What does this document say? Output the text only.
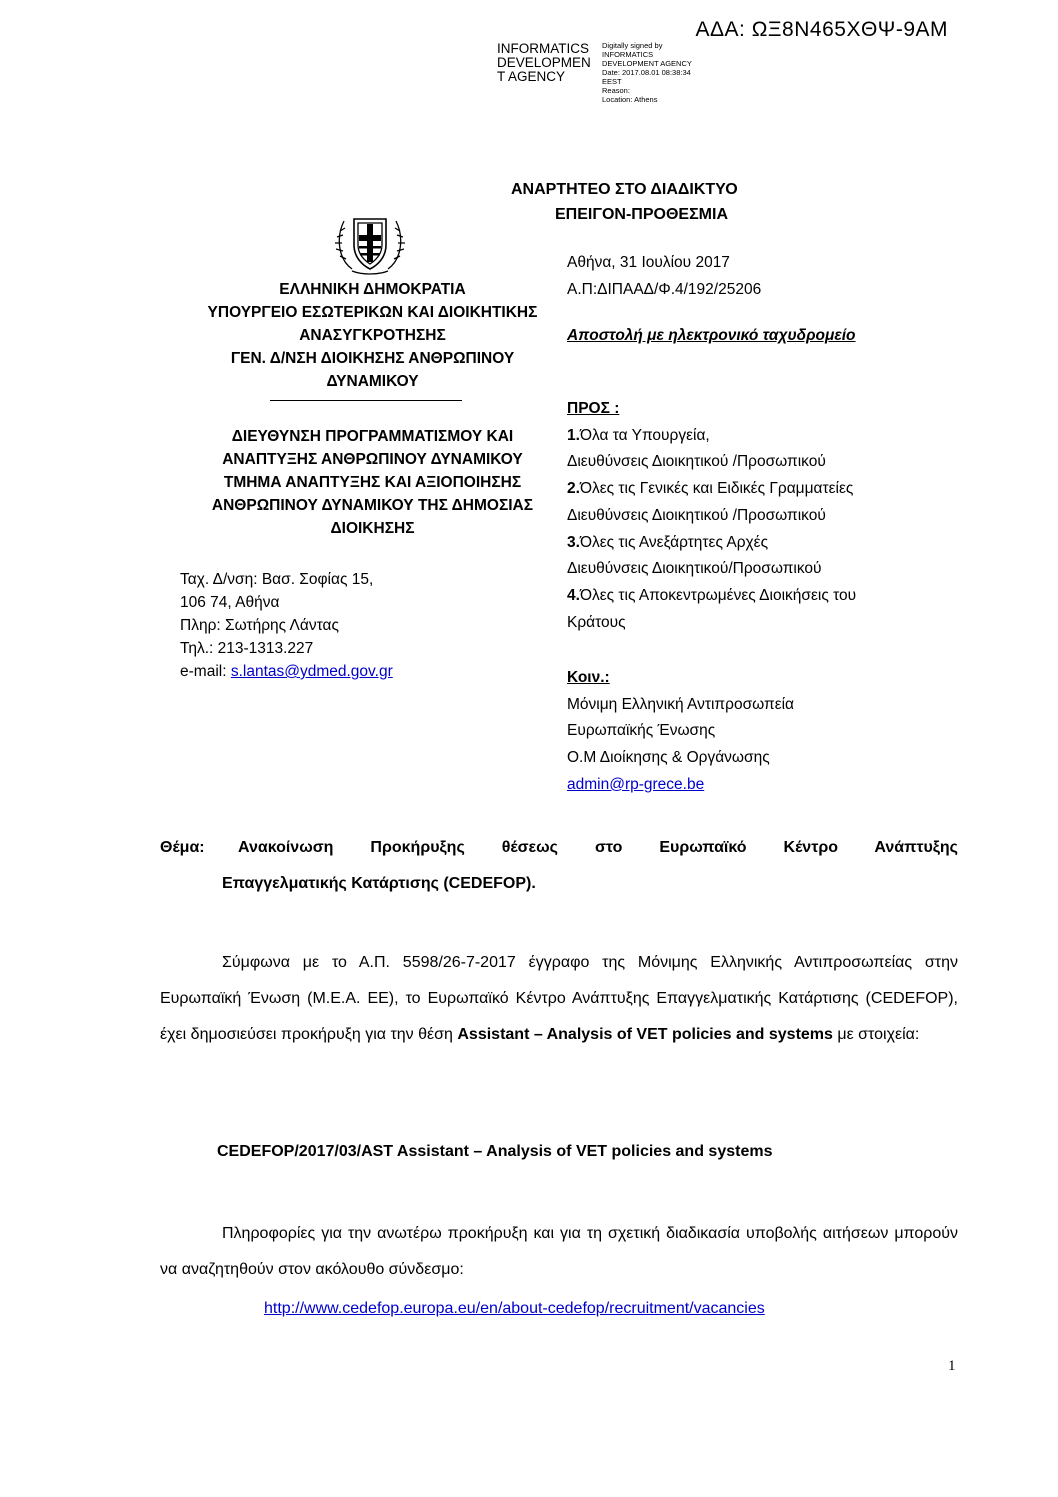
ΑΔΑ: ΩΞ8Ν465ΧΘΨ-9ΑΜ
INFORMATICS
DEVELOPMEN
T AGENCY
Digitally signed by
INFORMATICS
DEVELOPMENT AGENCY
Date: 2017.08.01 08:38:34
EEST
Reason:
Location: Athens
ΑΝΑΡΤΗΤΕΟ ΣΤΟ ΔΙΑΔΙΚΤΥΟ
ΕΠΕΙΓΟΝ-ΠΡΟΘΕΣΜΙΑ
ΕΛΛΗΝΙΚΗ ΔΗΜΟΚΡΑΤΙΑ
ΥΠΟΥΡΓΕΙΟ ΕΣΩΤΕΡΙΚΩΝ ΚΑΙ ΔΙΟΙΚΗΤΙΚΗΣ
ΑΝΑΣΥΓΚΡΟΤΗΣΗΣ
ΓΕΝ. Δ/ΝΣΗ ΔΙΟΙΚΗΣΗΣ ΑΝΘΡΩΠΙΝΟΥ
ΔΥΝΑΜΙΚΟΥ
ΔΙΕΥΘΥΝΣΗ ΠΡΟΓΡΑΜΜΑΤΙΣΜΟΥ ΚΑΙ
ΑΝΑΠΤΥΞΗΣ ΑΝΘΡΩΠΙΝΟΥ ΔΥΝΑΜΙΚΟΥ
ΤΜΗΜΑ ΑΝΑΠΤΥΞΗΣ ΚΑΙ ΑΞΙΟΠΟΙΗΣΗΣ
ΑΝΘΡΩΠΙΝΟΥ ΔΥΝΑΜΙΚΟΥ ΤΗΣ ΔΗΜΟΣΙΑΣ
ΔΙΟΙΚΗΣΗΣ
Ταχ. Δ/νση: Βασ. Σοφίας 15,
106 74, Αθήνα
Πληρ: Σωτήρης Λάντας
Τηλ.: 213-1313.227
e-mail: s.lantas@ydmed.gov.gr
Αθήνα, 31 Ιουλίου 2017
Α.Π:ΔΙΠΑΑΔ/Φ.4/192/25206
Αποστολή με ηλεκτρονικό ταχυδρομείο
ΠΡΟΣ :
1.Όλα τα Υπουργεία,
Διευθύνσεις Διοικητικού /Προσωπικού
2.Όλες τις Γενικές και Ειδικές Γραμματείες
Διευθύνσεις Διοικητικού /Προσωπικού
3.Όλες τις Ανεξάρτητες Αρχές
Διευθύνσεις Διοικητικού/Προσωπικού
4.Όλες τις Αποκεντρωμένες Διοικήσεις του
Κράτους
Κοιν.:
Μόνιμη Ελληνική Αντιπροσωπεία
Ευρωπαϊκής Ένωσης
Ο.Μ Διοίκησης & Οργάνωσης
admin@rp-grece.be
Θέμα: Ανακοίνωση Προκήρυξης θέσεως στο Ευρωπαϊκό Κέντρο Ανάπτυξης
Επαγγελματικής Κατάρτισης (CEDEFOP).
Σύμφωνα με το Α.Π. 5598/26-7-2017 έγγραφο της Μόνιμης Ελληνικής Αντιπροσωπείας στην Ευρωπαϊκή Ένωση (Μ.Ε.Α. ΕΕ), το Ευρωπαϊκό Κέντρο Ανάπτυξης Επαγγελματικής Κατάρτισης (CEDEFOP), έχει δημοσιεύσει προκήρυξη για την θέση Assistant – Analysis of VET policies and systems με στοιχεία:
CEDEFOP/2017/03/AST Assistant – Analysis of VET policies and systems
Πληροφορίες για την ανωτέρω προκήρυξη και για τη σχετική διαδικασία υποβολής αιτήσεων μπορούν να αναζητηθούν στον ακόλουθο σύνδεσμο:
http://www.cedefop.europa.eu/en/about-cedefop/recruitment/vacancies
1
